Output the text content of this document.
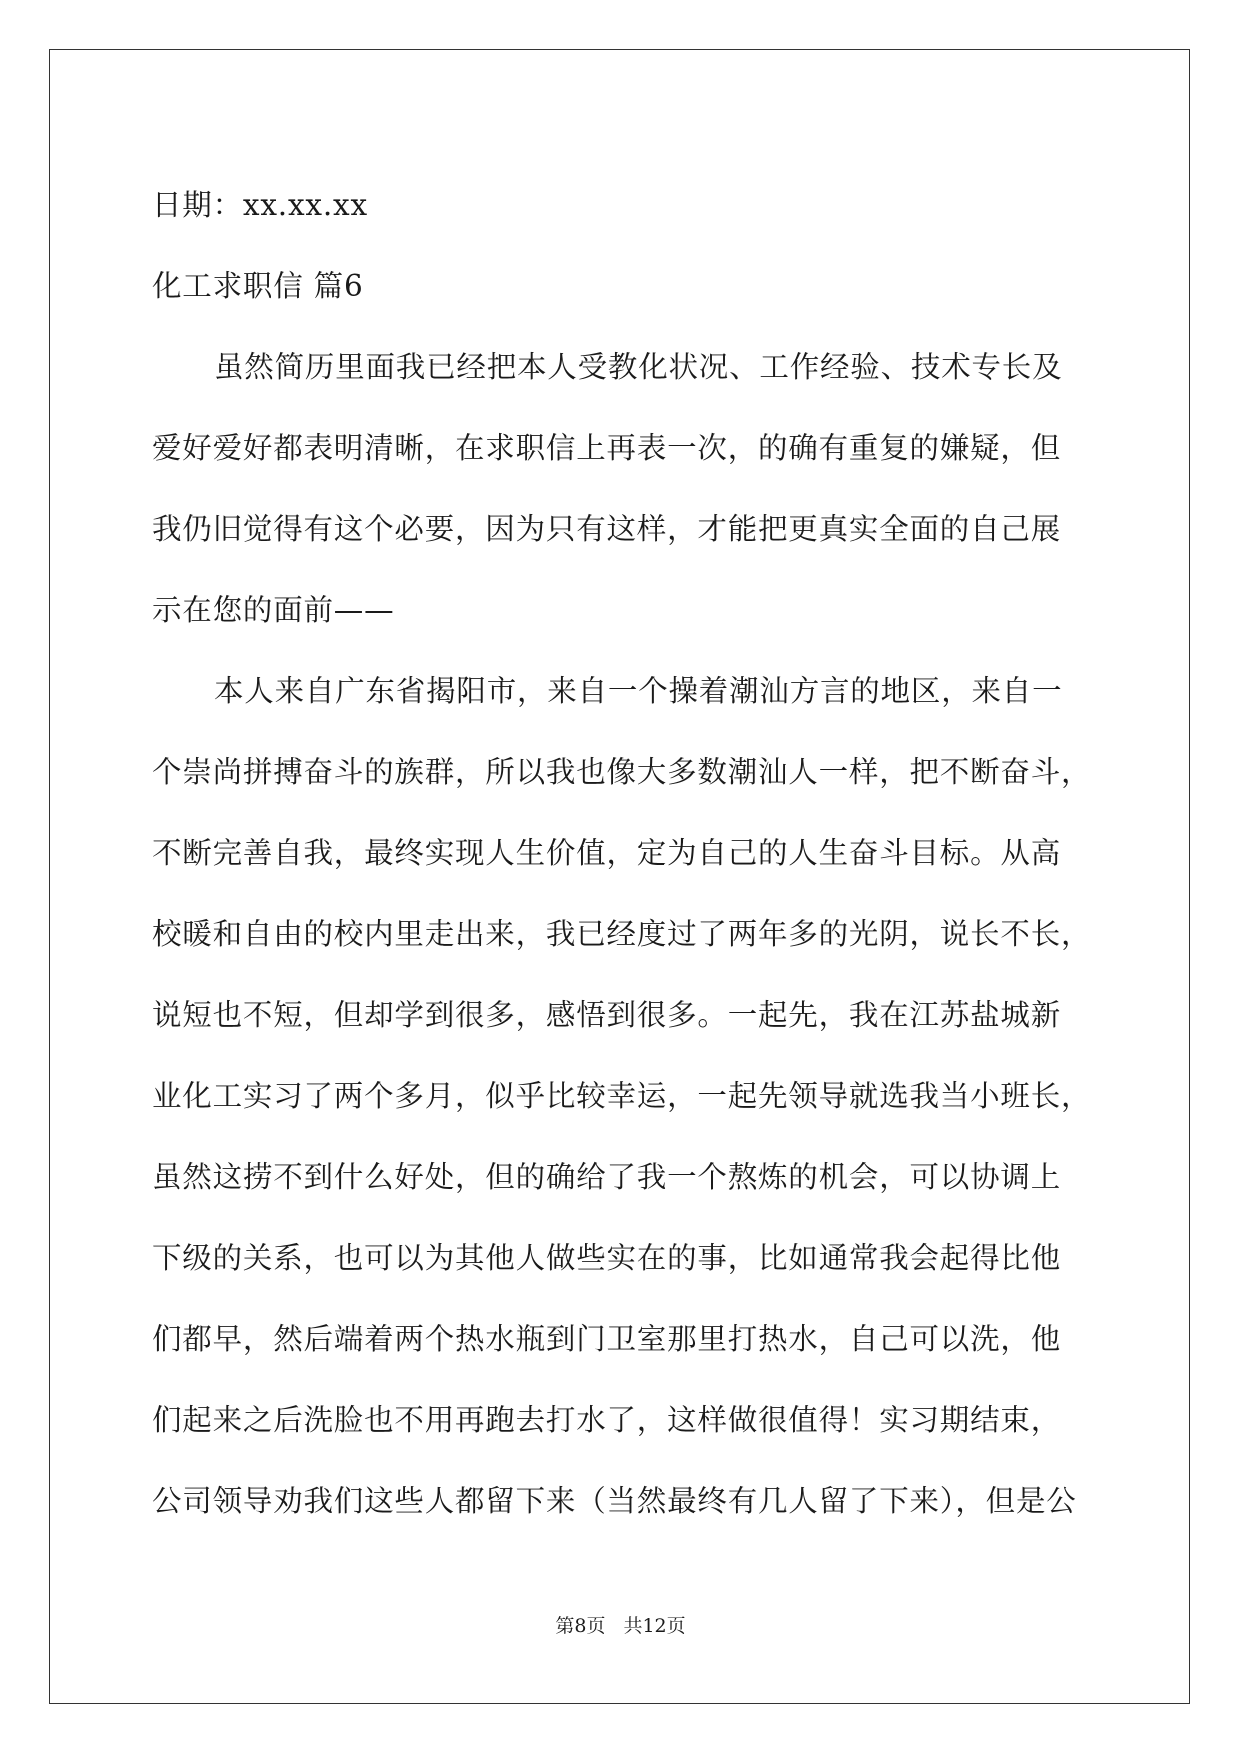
日期：xx.xx.xx
化工求职信 篇6
虽然简历里面我已经把本人受教化状况、工作经验、技术专长及
爱好爱好都表明清晰，在求职信上再表一次，的确有重复的嫌疑，但
我仍旧觉得有这个必要，因为只有这样，才能把更真实全面的自己展
示在您的面前——
本人来自广东省揭阳市，来自一个操着潮汕方言的地区，来自一
个崇尚拼搏奋斗的族群，所以我也像大多数潮汕人一样，把不断奋斗，
不断完善自我，最终实现人生价值，定为自己的人生奋斗目标。从高
校暖和自由的校内里走出来，我已经度过了两年多的光阴，说长不长，
说短也不短，但却学到很多，感悟到很多。一起先，我在江苏盐城新
业化工实习了两个多月，似乎比较幸运，一起先领导就选我当小班长，
虽然这捞不到什么好处，但的确给了我一个熬炼的机会，可以协调上
下级的关系，也可以为其他人做些实在的事，比如通常我会起得比他
们都早，然后端着两个热水瓶到门卫室那里打热水，自己可以洗，他
们起来之后洗脸也不用再跑去打水了，这样做很值得！实习期结束，
公司领导劝我们这些人都留下来（当然最终有几人留了下来），但是公
第8页 共12页
